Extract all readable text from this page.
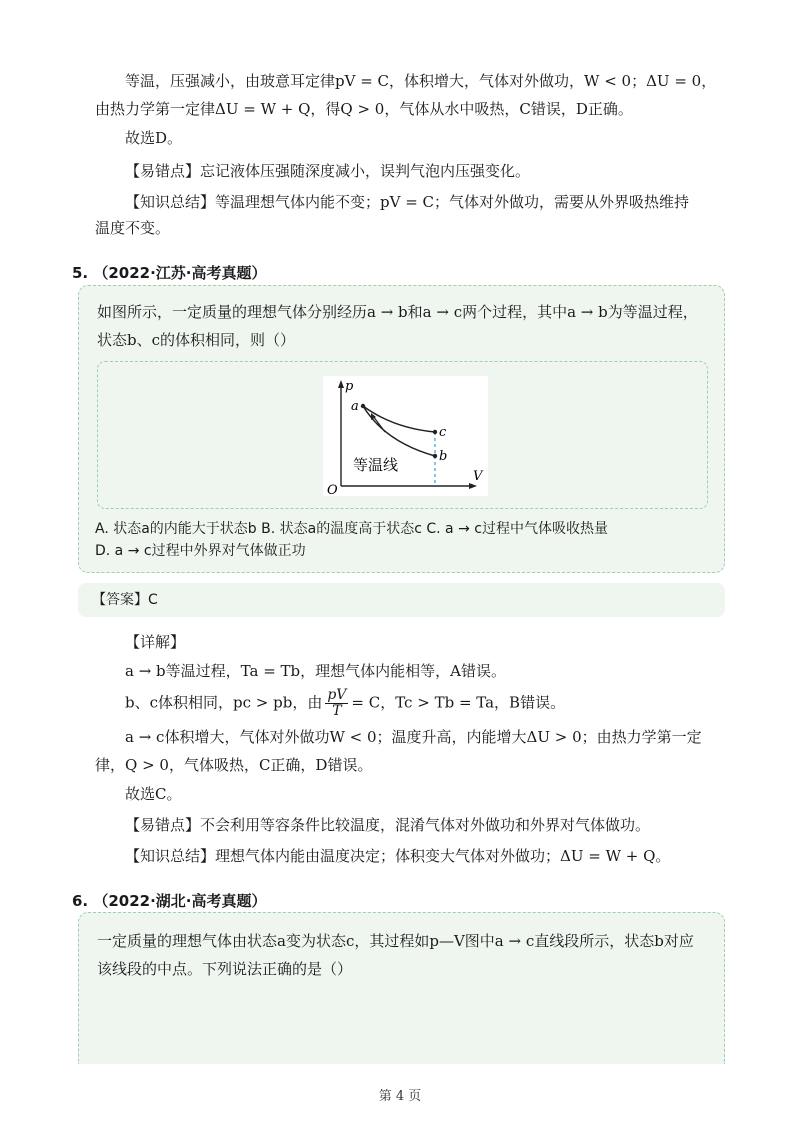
等温，压强减小，由玻意耳定律pV = C，体积增大，气体对外做功，W < 0；ΔU = 0，

由热力学第一定律ΔU = W + Q，得Q > 0，气体从水中吸热，C错误，D正确。

故选D。

【易错点】忘记液体压强随深度减小，误判气泡内压强变化。

【知识总结】等温理想气体内能不变；pV = C；气体对外做功，需要从外界吸热维持

温度不变。

5. （2022·江苏·高考真题）
如图所示，一定质量的理想气体分别经历a → b和a → c两个过程，其中a → b为等温过程，
状态b、c的体积相同，则（）
p
V
O
a
c
b
等温线
A. 状态a的内能大于状态b B. 状态a的温度高于状态c C. a → c过程中气体吸收热量
D. a → c过程中外界对气体做正功
【答案】C

【详解】

a → b等温过程，Ta = Tb，理想气体内能相等，A错误。

b、c体积相同，pc > pb，由 $\frac{pV}{T} = C$，Tc > Tb = Ta，B错误。

a → c体积增大，气体对外做功W < 0；温度升高，内能增大ΔU > 0；由热力学第一定

律，Q > 0，气体吸热，C正确，D错误。

故选C。

【易错点】不会利用等容条件比较温度，混淆气体对外做功和外界对气体做功。

【知识总结】理想气体内能由温度决定；体积变大气体对外做功；ΔU = W + Q。

6. （2022·湖北·高考真题）
一定质量的理想气体由状态a变为状态c，其过程如p—V图中a → c直线段所示，状态b对应
该线段的中点。下列说法正确的是（）
第 4 页
